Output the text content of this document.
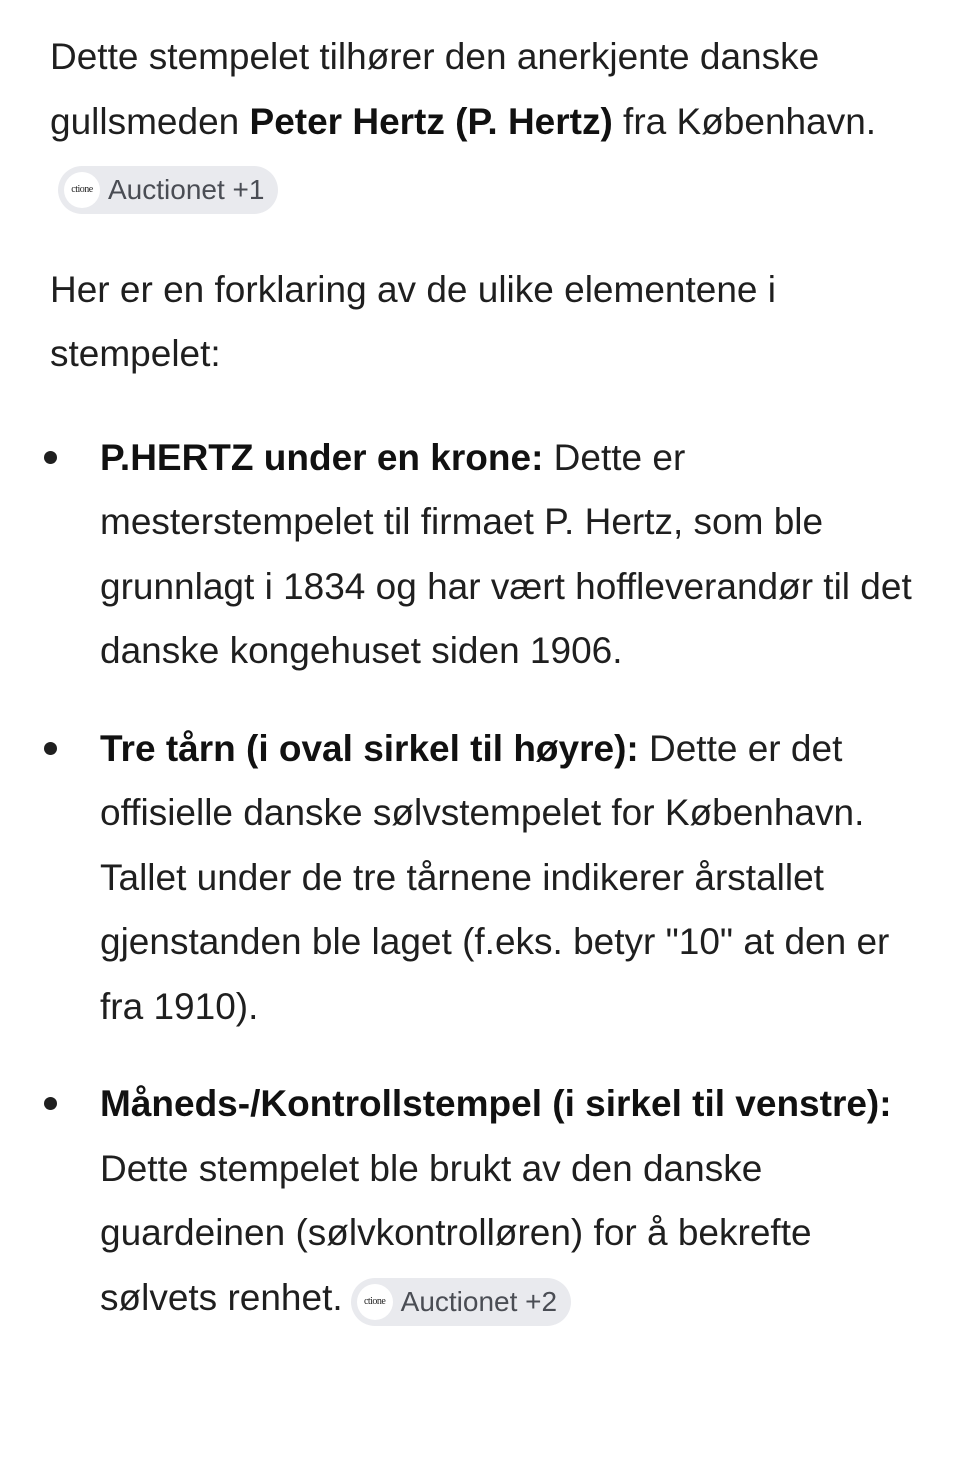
Dette stempelet tilhører den anerkjente danske gullsmeden Peter Hertz (P. Hertz) fra København.
ctione Auctionet +1

Her er en forklaring av de ulike elementene i stempelet:

P.HERTZ under en krone: Dette er mesterstempelet til firmaet P. Hertz, som ble grunnlagt i 1834 og har vært hoffleverandør til det danske kongehuset siden 1906.
Tre tårn (i oval sirkel til høyre): Dette er det offisielle danske sølvstempelet for København. Tallet under de tre tårnene indikerer årstallet gjenstanden ble laget (f.eks. betyr "10" at den er fra 1910).
Måneds-/Kontrollstempel (i sirkel til venstre): Dette stempelet ble brukt av den danske guardeinen (sølvkontrolløren) for å bekrefte sølvets renhet.	ctione Auctionet +2
